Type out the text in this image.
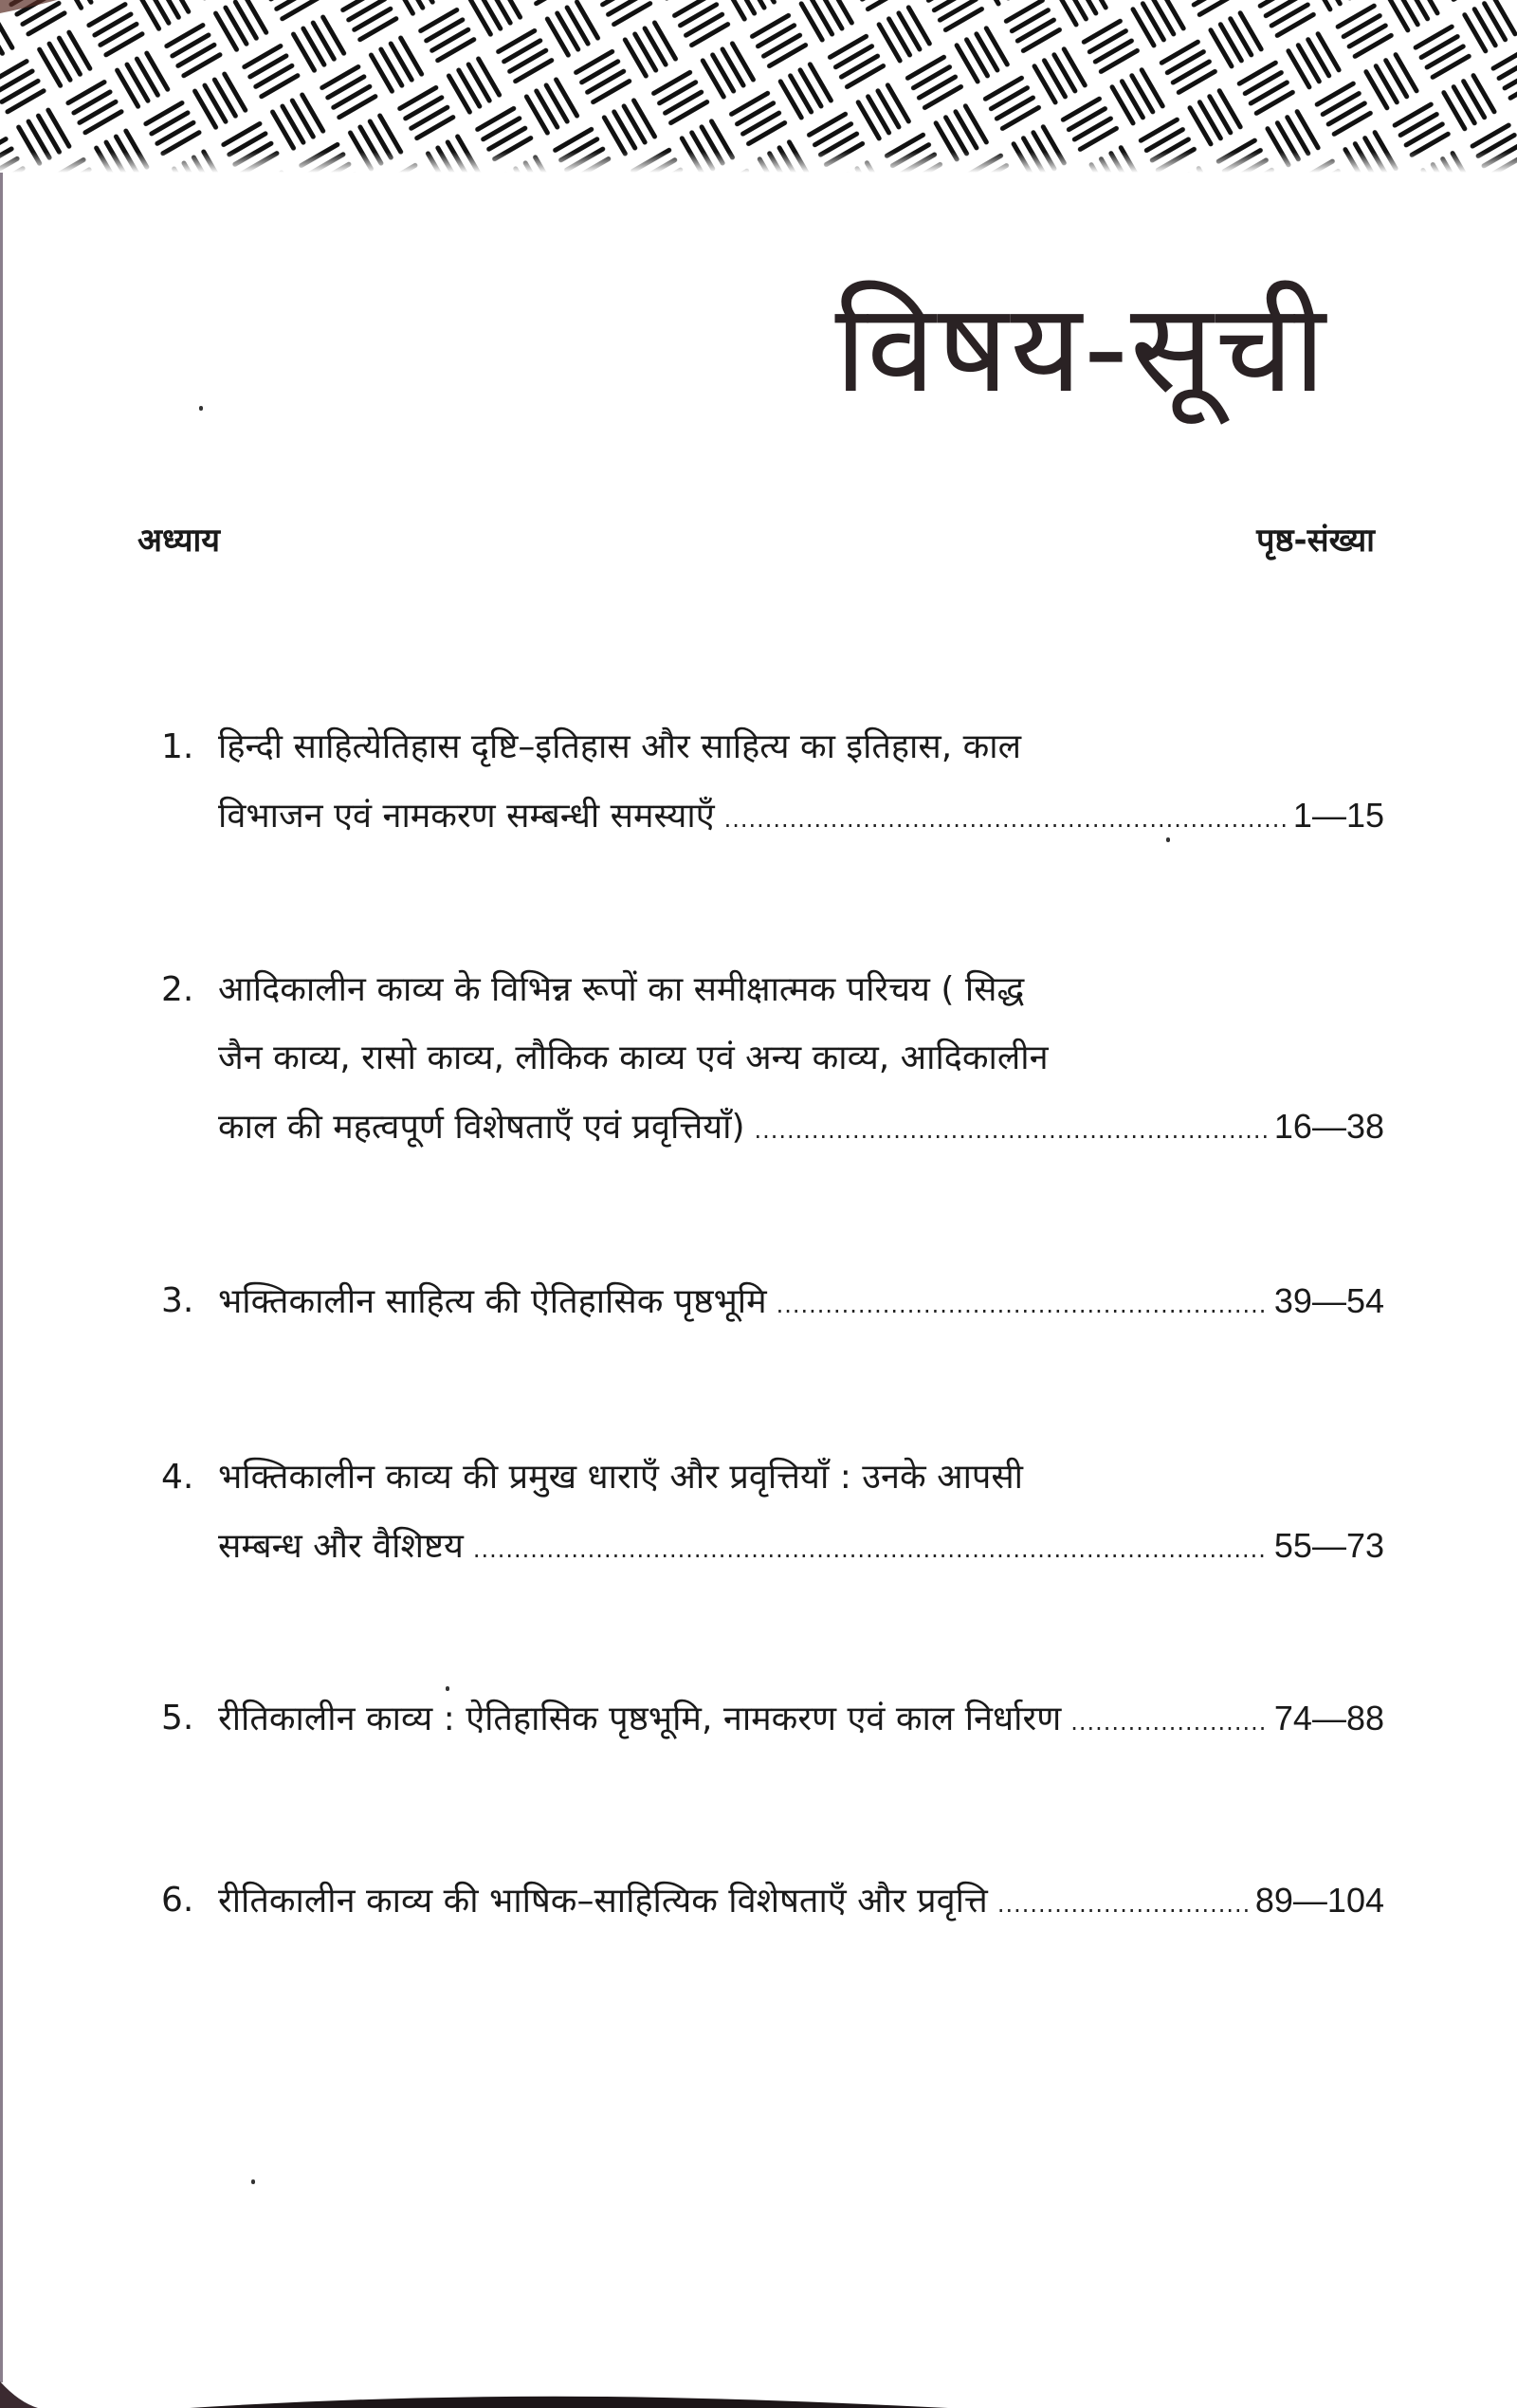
विषय-सूची
अध्याय	पृष्ठ-संख्या
1. हिन्दी साहित्येतिहास दृष्टि–इतिहास और साहित्य का इतिहास, काल
विभाजन एवं नामकरण सम्बन्धी समस्याएँ .....	1—15
2. आदिकालीन काव्य के विभिन्न रूपों का समीक्षात्मक परिचय ( सिद्ध
जैन काव्य, रासो काव्य, लौकिक काव्य एवं अन्य काव्य, आदिकालीन
काल की महत्वपूर्ण विशेषताएँ एवं प्रवृत्तियाँ) .....	16—38
3. भक्तिकालीन साहित्य की ऐतिहासिक पृष्ठभूमि .....	39—54
4. भक्तिकालीन काव्य की प्रमुख धाराएँ और प्रवृत्तियाँ : उनके आपसी
सम्बन्ध और वैशिष्टय .....	55—73
5. रीतिकालीन काव्य : ऐतिहासिक पृष्ठभूमि, नामकरण एवं काल निर्धारण .....	74—88
6. रीतिकालीन काव्य की भाषिक–साहित्यिक विशेषताएँ और प्रवृत्ति .....	89—104
